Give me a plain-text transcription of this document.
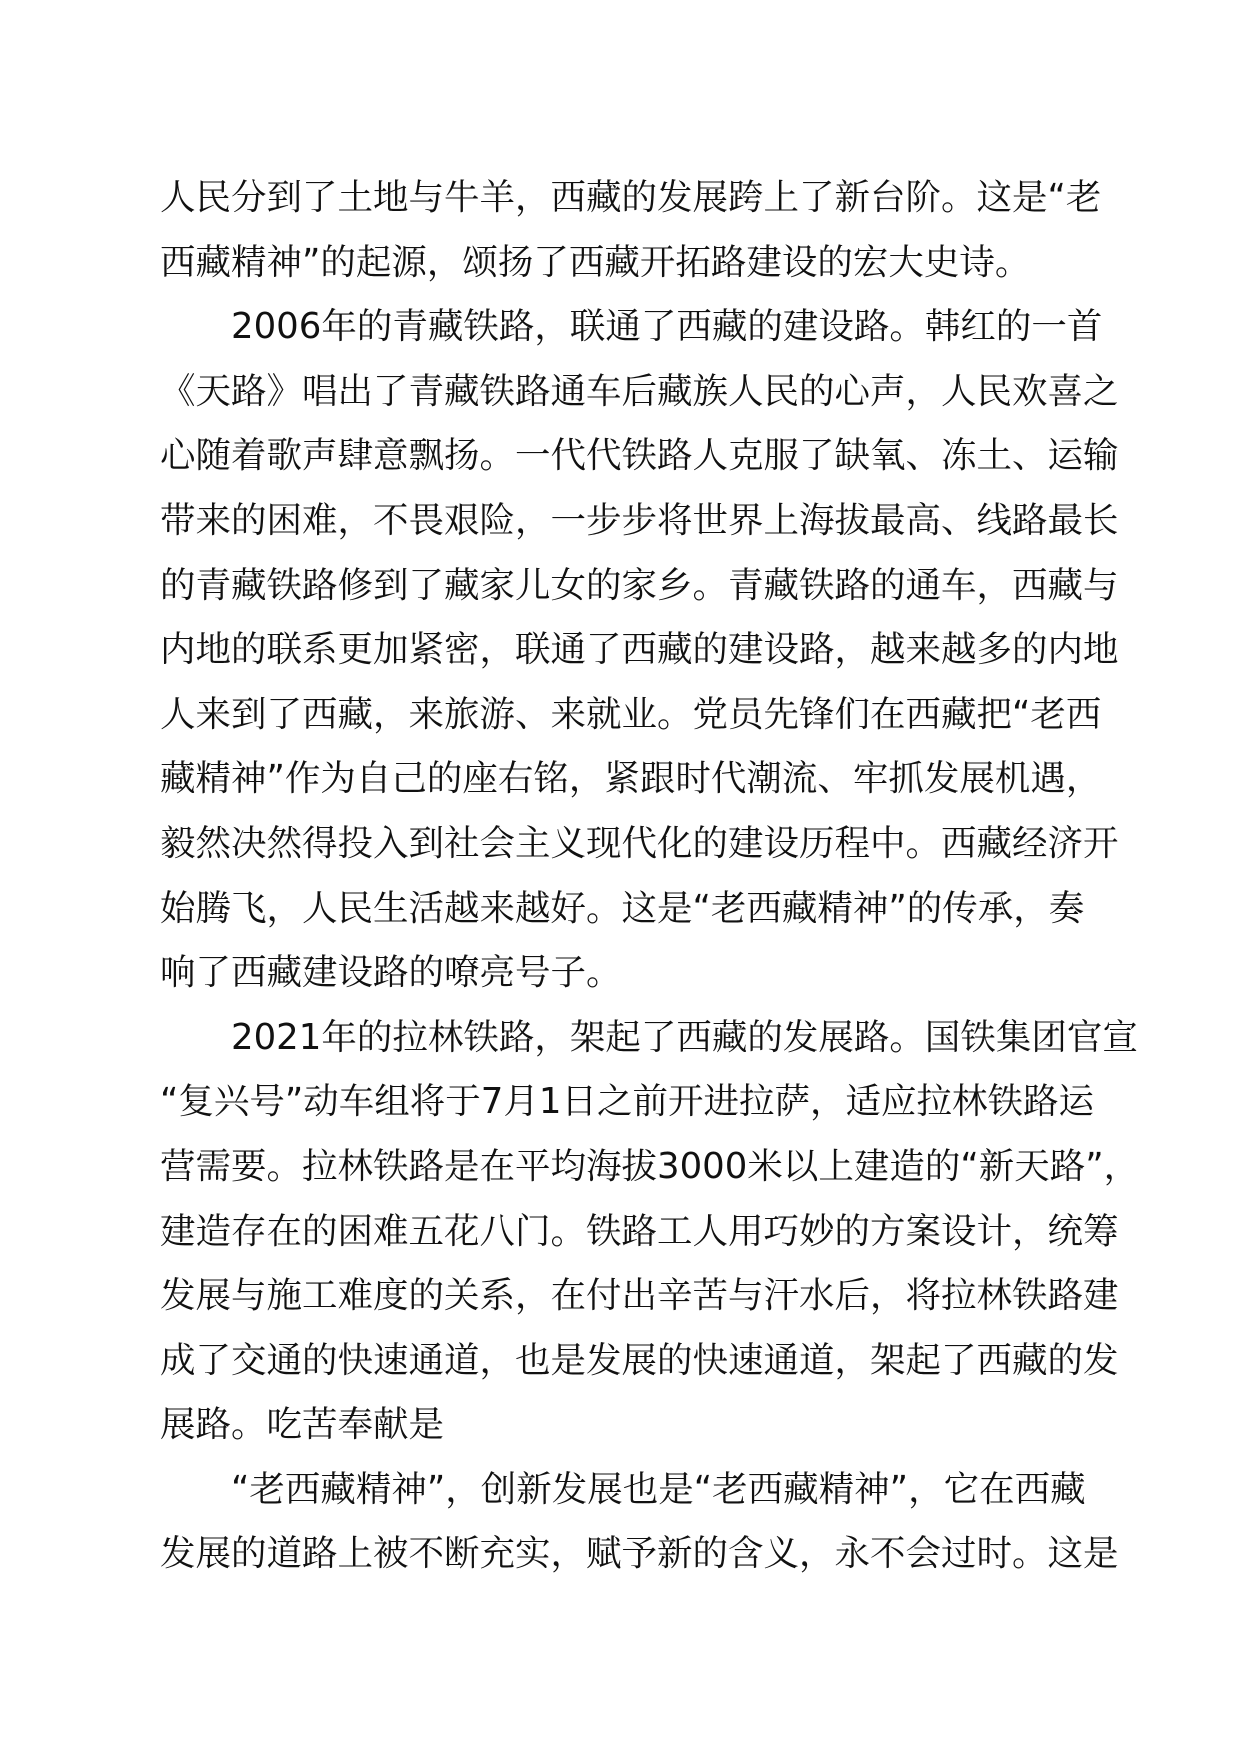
人民分到了土地与牛羊，西藏的发展跨上了新台阶。这是“老
西藏精神”的起源，颂扬了西藏开拓路建设的宏大史诗。
2006年的青藏铁路，联通了西藏的建设路。韩红的一首
《天路》唱出了青藏铁路通车后藏族人民的心声，人民欢喜之
心随着歌声肆意飘扬。一代代铁路人克服了缺氧、冻土、运输
带来的困难，不畏艰险，一步步将世界上海拔最高、线路最长
的青藏铁路修到了藏家儿女的家乡。青藏铁路的通车，西藏与
内地的联系更加紧密，联通了西藏的建设路，越来越多的内地
人来到了西藏，来旅游、来就业。党员先锋们在西藏把“老西
藏精神”作为自己的座右铭，紧跟时代潮流、牢抓发展机遇，
毅然决然得投入到社会主义现代化的建设历程中。西藏经济开
始腾飞，人民生活越来越好。这是“老西藏精神”的传承，奏
响了西藏建设路的嘹亮号子。
2021年的拉林铁路，架起了西藏的发展路。国铁集团官宣
“复兴号”动车组将于7月1日之前开进拉萨，适应拉林铁路运
营需要。拉林铁路是在平均海拔3000米以上建造的“新天路”，
建造存在的困难五花八门。铁路工人用巧妙的方案设计，统筹
发展与施工难度的关系，在付出辛苦与汗水后，将拉林铁路建
成了交通的快速通道，也是发展的快速通道，架起了西藏的发
展路。吃苦奉献是
“老西藏精神”，创新发展也是“老西藏精神”，它在西藏
发展的道路上被不断充实，赋予新的含义，永不会过时。这是
